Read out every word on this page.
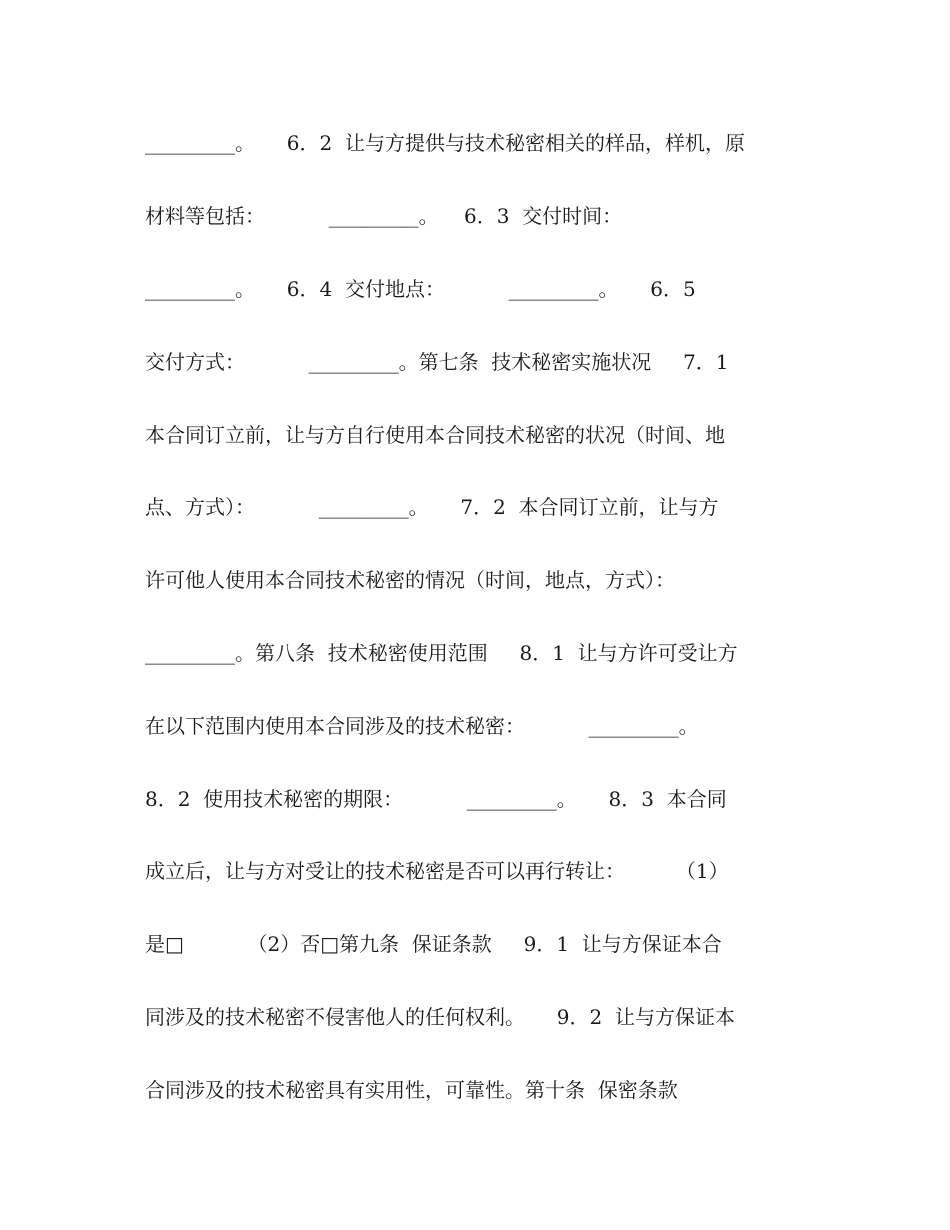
_________。     6．2  让与方提供与技术秘密相关的样品，样机，原
材料等包括：          _________。    6．3  交付时间：
_________。     6．4  交付地点：          _________。     6．5
交付方式：          _________。第七条  技术秘密实施状况     7．1
本合同订立前，让与方自行使用本合同技术秘密的状况（时间、地
点、方式）：          _________。     7．2  本合同订立前，让与方
许可他人使用本合同技术秘密的情况（时间，地点，方式）：
_________。第八条  技术秘密使用范围     8．1  让与方许可受让方
在以下范围内使用本合同涉及的技术秘密：          _________。
8．2  使用技术秘密的期限：          _________。     8．3  本合同
成立后，让与方对受让的技术秘密是否可以再行转让：        （1）
是□          （2）否□第九条  保证条款     9．1  让与方保证本合
同涉及的技术秘密不侵害他人的任何权利。     9．2  让与方保证本
合同涉及的技术秘密具有实用性，可靠性。第十条  保密条款
